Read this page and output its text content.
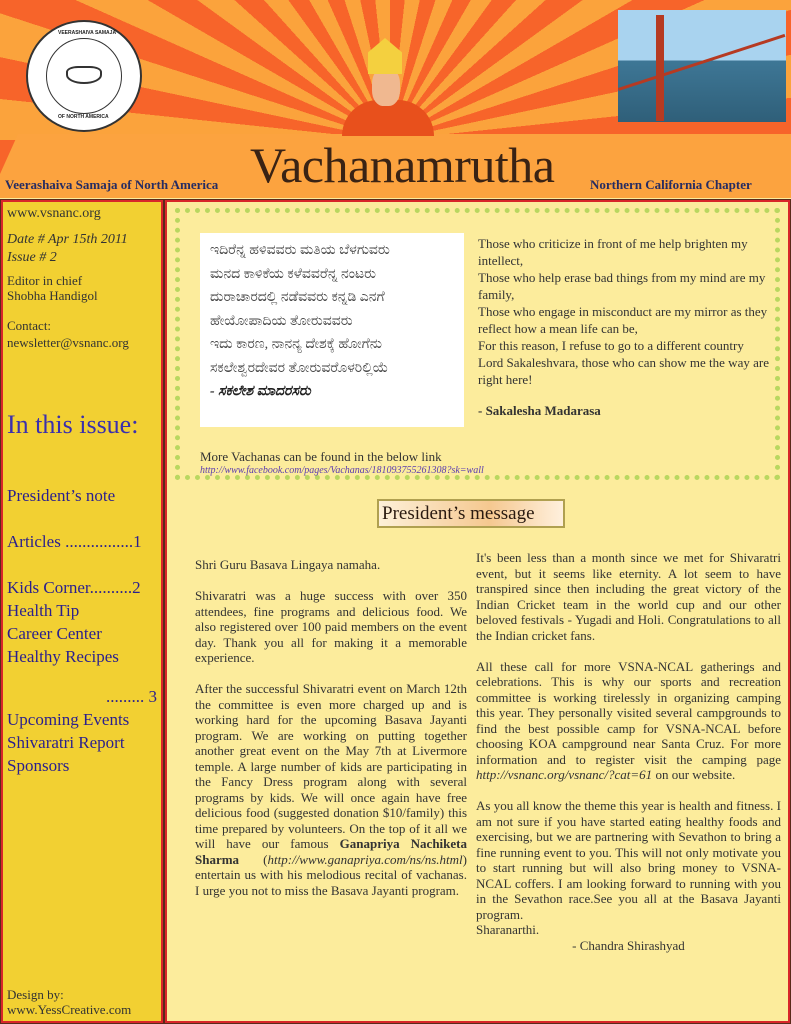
VEERASHAIVA SAMAJA
OF NORTH AMERICA
Vachanamrutha
Veerashaiva Samaja of North America	Northern California Chapter
www.vsnanc.org
Date # Apr 15th 2011
Issue # 2
Editor in chief
Shobha Handigol
Contact:
newsletter@vsnanc.org
In this issue:
President’s note
Articles ................1
Kids Corner..........2
Health Tip
Career Center
Healthy Recipes
......... 3
Upcoming Events
Shivaratri Report
Sponsors
Design by:
www.YessCreative.com
ಇದಿರೆನ್ನ ಹಳಿವವರು ಮತಿಯ ಬೆಳಗುವರು
ಮನದ ಕಾಳಿಕೆಯ ಕಳೆವವರೆನ್ನ ನಂಟರು
ದುರಾಚಾರದಲ್ಲಿ ನಡೆವವರು ಕನ್ನಡಿ ಎನಗೆ
ಹೇಯೋಪಾದಿಯ ತೋರುವವರು
ಇದು ಕಾರಣ, ನಾನನ್ಯ ದೇಶಕ್ಕೆ ಹೋಗೆನು
ಸಕಲೇಶ್ವರದೇವರ ತೋರುವರೊಳರಿಲ್ಲಿಯೆ
- ಸಕಲೇಶ ಮಾದರಸರು
Those who criticize in front of me help brighten my intellect,
Those who help erase bad things from my mind are my family,
Those who engage in misconduct are my mirror as they reflect how a mean life can be,
For this reason, I refuse to go to a different country
Lord Sakaleshvara, those who can show me the way are right here!
- Sakalesha Madarasa
More Vachanas can be found in the below link
http://www.facebook.com/pages/Vachanas/181093755261308?sk=wall
President’s message

Shri Guru Basava Lingaya namaha.

Shivaratri was a huge success with over 350 attendees, fine programs and delicious food. We also registered over 100 paid members on the event day. Thank you all for making it a memorable experience.

After the successful Shivaratri event on March 12th the committee is even more charged up and is working hard for the upcoming Basava Jayanti program. We are working on putting together another great event on the May 7th at Livermore temple. A large number of kids are participating in the Fancy Dress program along with several programs by kids. We will once again have free delicious food (suggested donation $10/family) this time prepared by volunteers. On the top of it all we will have our famous Ganapriya Nachiketa Sharma (http://www.ganapriya.com/ns/ns.html) entertain us with his melodious recital of vachanas. I urge you not to miss the Basava Jayanti program.

It's been less than a month since we met for Shivaratri event, but it seems like eternity. A lot seem to have transpired since then including the great victory of the Indian Cricket team in the world cup and our other beloved festivals - Yugadi and Holi. Congratulations to all the Indian cricket fans.

All these call for more VSNA-NCAL gatherings and celebrations. This is why our sports and recreation committee is working tirelessly in organizing camping this year. They personally visited several campgrounds to find the best possible camp for VSNA-NCAL before choosing KOA campground near Santa Cruz. For more information and to register visit the camping page http://vsnanc.org/vsnanc/?cat=61 on our website.

As you all know the theme this year is health and fitness. I am not sure if you have started eating healthy foods and exercising, but we are partnering with Sevathon to bring a fine running event to you. This will not only motivate you to start running but will also bring money to VSNA-NCAL coffers. I am looking forward to running with you in the Sevathon race.See you all at the Basava Jayanti program.

Sharanarthi.
- Chandra Shirashyad
